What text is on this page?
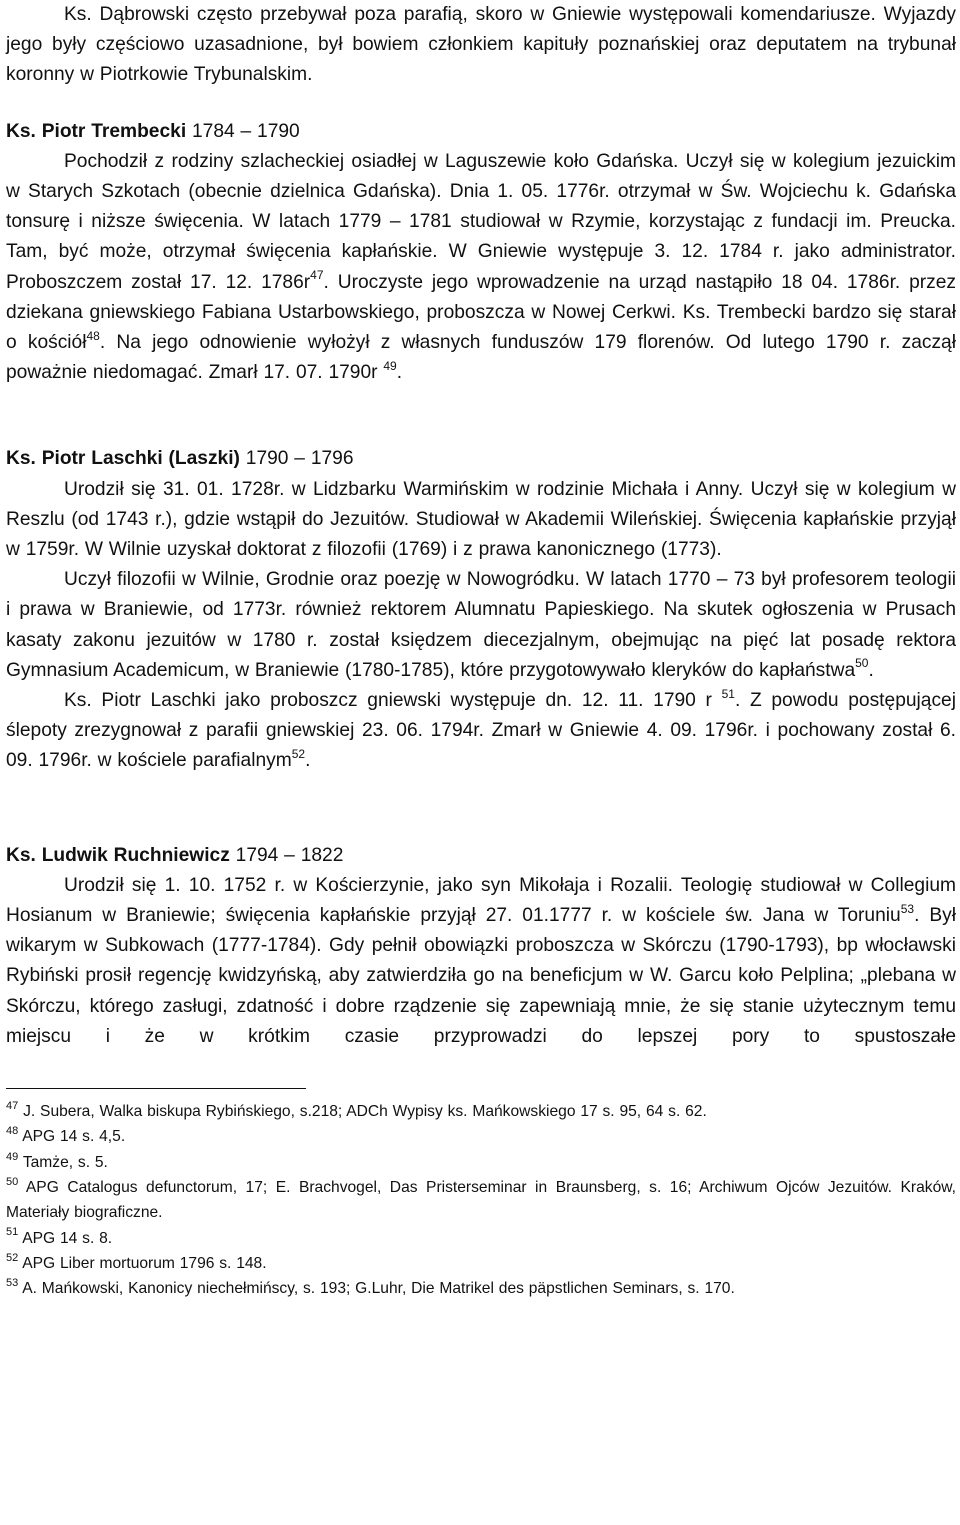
Ks. Dąbrowski często przebywał poza parafią, skoro w Gniewie występowali komendariusze. Wyjazdy jego były częściowo uzasadnione, był bowiem członkiem kapituły poznańskiej oraz deputatem na trybunał koronny w Piotrkowie Trybunalskim.

Ks. Piotr Trembecki 1784 – 1790

Pochodził z rodziny szlacheckiej osiadłej w Laguszewie koło Gdańska. Uczył się w kolegium jezuickim w Starych Szkotach (obecnie dzielnica Gdańska). Dnia 1. 05. 1776r. otrzymał w Św. Wojciechu k. Gdańska tonsurę i niższe święcenia. W latach 1779 – 1781 studiował w Rzymie, korzystając z fundacji im. Preucka. Tam, być może, otrzymał święcenia kapłańskie. W Gniewie występuje 3. 12. 1784 r. jako administrator. Proboszczem został 17. 12. $1786r^{47}$. Uroczyste jego wprowadzenie na urząd nastąpiło 18 04. 1786r. przez dziekana gniewskiego Fabiana Ustarbowskiego, proboszcza w Nowej Cerkwi. Ks. Trembecki bardzo się starał o kościół$^{48}$. Na jego odnowienie wyłożył z własnych funduszów 179 florenów. Od lutego 1790 r. zaczął poważnie niedomagać. Zmarł 17. 07. 1790r $^{49}$.

Ks. Piotr Laschki (Laszki) 1790 – 1796

Urodził się 31. 01. 1728r. w Lidzbarku Warmińskim w rodzinie Michała i Anny. Uczył się w kolegium w Reszlu (od 1743 r.), gdzie wstąpił do Jezuitów. Studiował w Akademii Wileńskiej. Święcenia kapłańskie przyjął w 1759r. W Wilnie uzyskał doktorat z filozofii (1769) i z prawa kanonicznego (1773).

Uczył filozofii w Wilnie, Grodnie oraz poezję w Nowogródku. W latach 1770 – 73 był profesorem teologii i prawa w Braniewie, od 1773r. również rektorem Alumnatu Papieskiego. Na skutek ogłoszenia w Prusach kasaty zakonu jezuitów w 1780 r. został księdzem diecezjalnym, obejmując na pięć lat posadę rektora Gymnasium Academicum, w Braniewie (1780-1785), które przygotowywało kleryków do kapłaństwa$^{50}$.

Ks. Piotr Laschki jako proboszcz gniewski występuje dn. 12. 11. 1790 r $^{51}$. Z powodu postępującej ślepoty zrezygnował z parafii gniewskiej 23. 06. 1794r. Zmarł w Gniewie 4. 09. 1796r. i pochowany został 6. 09. 1796r. w kościele parafialnym$^{52}$.

Ks. Ludwik Ruchniewicz 1794 – 1822

Urodził się 1. 10. 1752 r. w Kościerzynie, jako syn Mikołaja i Rozalii. Teologię studiował w Collegium Hosianum w Braniewie; święcenia kapłańskie przyjął 27. 01.1777 r. w kościele św. Jana w Toruniu$^{53}$. Był wikarym w Subkowach (1777-1784). Gdy pełnił obowiązki proboszcza w Skórczu (1790-1793), bp włocławski Rybiński prosił regencję kwidzyńską, aby zatwierdziła go na beneficjum w W. Garcu koło Pelplina; „plebana w Skórczu, którego zasługi, zdatność i dobre rządzenie się zapewniają mnie, że się stanie użytecznym temu miejscu i że w krótkim czasie przyprowadzi do lepszej pory to spustoszałe

$^{47}$ J. Subera, Walka biskupa Rybińskiego, s.218; ADCh Wypisy ks. Mańkowskiego 17 s. 95, 64 s. 62.

$^{48}$ APG 14 s. 4,5.

$^{49}$ Tamże, s. 5.

$^{50}$ APG Catalogus defunctorum, 17; E. Brachvogel, Das Pristerseminar in Braunsberg, s. 16; Archiwum Ojców Jezuitów. Kraków, Materiały biograficzne.

$^{51}$ APG 14 s. 8.

$^{52}$ APG Liber mortuorum 1796 s. 148.

$^{53}$ A. Mańkowski, Kanonicy niechełmińscy, s. 193; G.Luhr, Die Matrikel des päpstlichen Seminars, s. 170.
